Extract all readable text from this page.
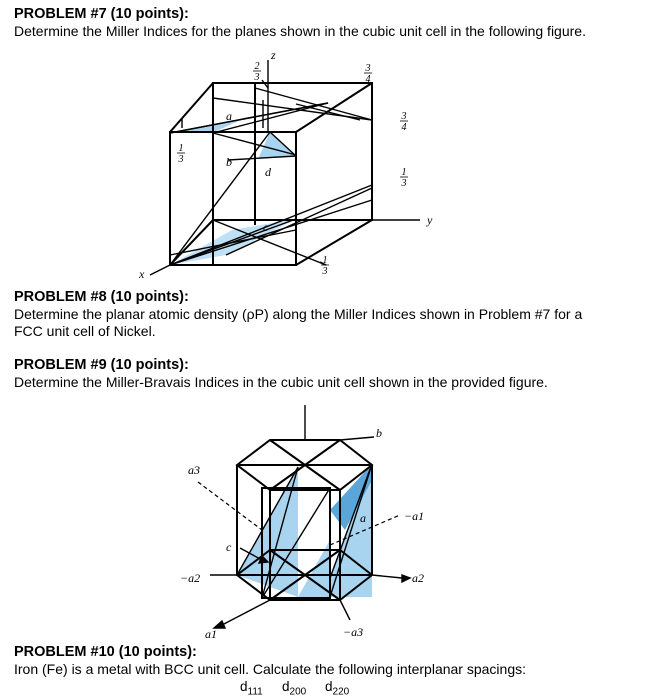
PROBLEM #7 (10 points):

Determine the Miller Indices for the planes shown in the cubic unit cell in the following figure.

z
y
x
a
b
c
d
2
3
3
4
3
4
1
3
1
3
1
3

PROBLEM #8 (10 points):

Determine the planar atomic density (ρP) along the Miller Indices shown in Problem #7 for a FCC unit cell of Nickel.

PROBLEM #9 (10 points):

Determine the Miller-Bravais Indices in the cubic unit cell shown in the provided figure.

a3
−a2
c
a1	−a3
a2
−a1
a
b

PROBLEM #10 (10 points):

Iron (Fe) is a metal with BCC unit cell. Calculate the following interplanar spacings:

$d_{111}$ $d_{200}$ $d_{220}$
